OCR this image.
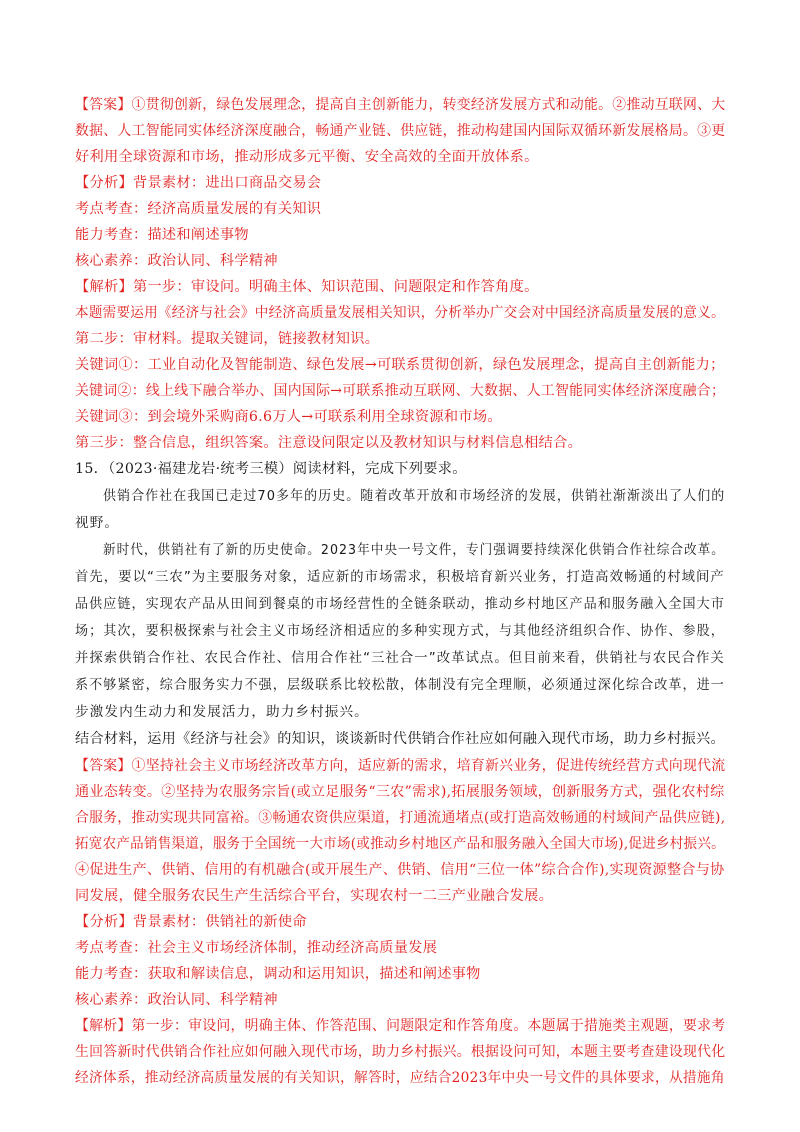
【答案】①贯彻创新，绿色发展理念，提高自主创新能力，转变经济发展方式和动能。②推动互联网、大
数据、人工智能同实体经济深度融合，畅通产业链、供应链，推动构建国内国际双循环新发展格局。③更
好利用全球资源和市场，推动形成多元平衡、安全高效的全面开放体系。
【分析】背景素材：进出口商品交易会
考点考查：经济高质量发展的有关知识
能力考查：描述和阐述事物
核心素养：政治认同、科学精神
【解析】第一步：审设问。明确主体、知识范围、问题限定和作答角度。
本题需要运用《经济与社会》中经济高质量发展相关知识，分析举办广交会对中国经济高质量发展的意义。
第二步：审材料。提取关键词，链接教材知识。
关键词①：工业自动化及智能制造、绿色发展→可联系贯彻创新，绿色发展理念，提高自主创新能力；
关键词②：线上线下融合举办、国内国际→可联系推动互联网、大数据、人工智能同实体经济深度融合；
关键词③：到会境外采购商6.6万人→可联系利用全球资源和市场。
第三步：整合信息，组织答案。注意设问限定以及教材知识与材料信息相结合。
15．（2023·福建龙岩·统考三模）阅读材料，完成下列要求。
供销合作社在我国已走过70多年的历史。随着改革开放和市场经济的发展，供销社渐渐淡出了人们的
视野。
新时代，供销社有了新的历史使命。2023年中央一号文件，专门强调要持续深化供销合作社综合改革。
首先，要以“三农”为主要服务对象，适应新的市场需求，积极培育新兴业务，打造高效畅通的村域间产
品供应链，实现农产品从田间到餐桌的市场经营性的全链条联动，推动乡村地区产品和服务融入全国大市
场；其次，要积极探索与社会主义市场经济相适应的多种实现方式，与其他经济组织合作、协作、参股，
并探索供销合作社、农民合作社、信用合作社“三社合一”改革试点。但目前来看，供销社与农民合作关
系不够紧密，综合服务实力不强，层级联系比较松散，体制没有完全理顺，必须通过深化综合改革，进一
步激发内生动力和发展活力，助力乡村振兴。
结合材料，运用《经济与社会》的知识，谈谈新时代供销合作社应如何融入现代市场，助力乡村振兴。
【答案】①坚持社会主义市场经济改革方向，适应新的需求，培育新兴业务，促进传统经营方式向现代流
通业态转变。②坚持为农服务宗旨(或立足服务“三农”需求),拓展服务领域，创新服务方式，强化农村综
合服务，推动实现共同富裕。③畅通农资供应渠道，打通流通堵点(或打造高效畅通的村域间产品供应链),
拓宽农产品销售渠道，服务于全国统一大市场(或推动乡村地区产品和服务融入全国大市场),促进乡村振兴。
④促进生产、供销、信用的有机融合(或开展生产、供销、信用“三位一体”综合合作),实现资源整合与协
同发展，健全服务农民生产生活综合平台，实现农村一二三产业融合发展。
【分析】背景素材：供销社的新使命
考点考查：社会主义市场经济体制，推动经济高质量发展
能力考查：获取和解读信息，调动和运用知识，描述和阐述事物
核心素养：政治认同、科学精神
【解析】第一步：审设问，明确主体、作答范围、问题限定和作答角度。本题属于措施类主观题，要求考
生回答新时代供销合作社应如何融入现代市场，助力乡村振兴。根据设问可知，本题主要考查建设现代化
经济体系，推动经济高质量发展的有关知识，解答时，应结合2023年中央一号文件的具体要求，从措施角
